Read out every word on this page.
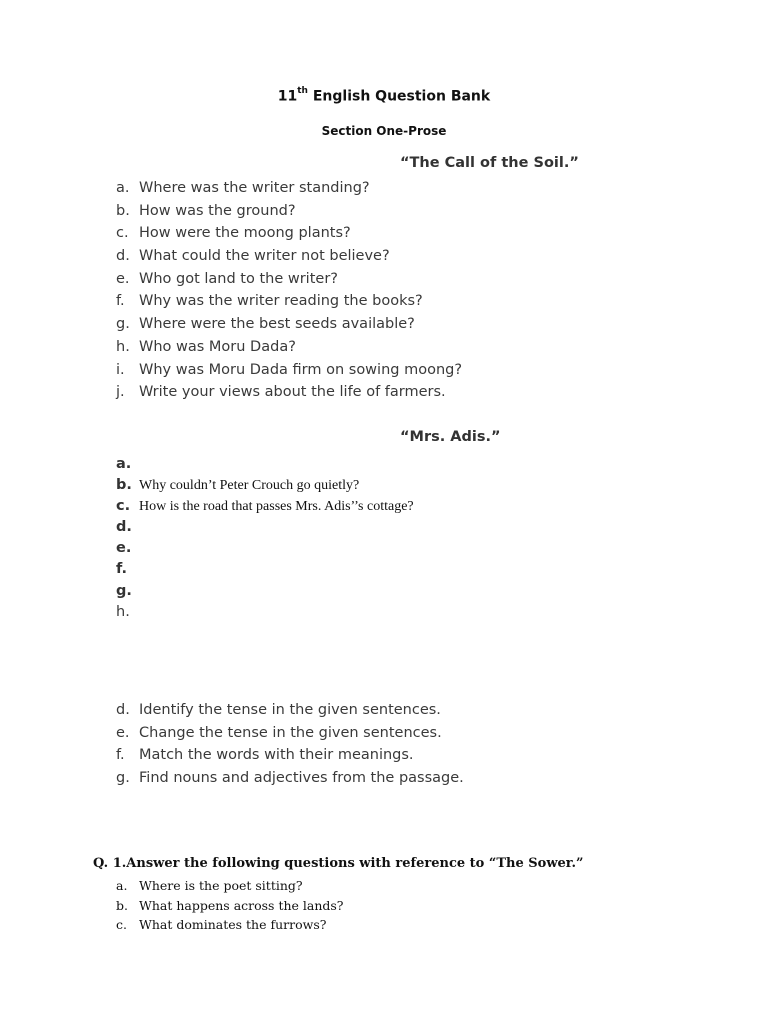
11th English Question Bank
Section One-Prose
“The Call of the Soil.”
a. Where was the writer standing?
b. How was the ground?
c. How were the moong plants?
d. What could the writer not believe?
e. Who got land to the writer?
f. Why was the writer reading the books?
g. Where were the best seeds available?
h. Who was Moru Dada?
i. Why was Moru Dada firm on sowing moong?
j. Write your views about the life of farmers.
“Mrs. Adis.”
a.
b. Why couldn’t Peter Crouch go quietly?
c. How is the road that passes Mrs. Adis’’s cottage?
d.
e.
f.
g.
h.
d. Identify the tense in the given sentences.
e. Change the tense in the given sentences.
f. Match the words with their meanings.
g. Find nouns and adjectives from the passage.
Q. 1.Answer the following questions with reference to “The Sower.”
a. Where is the poet sitting?
b. What happens across the lands?
c. What dominates the furrows?
